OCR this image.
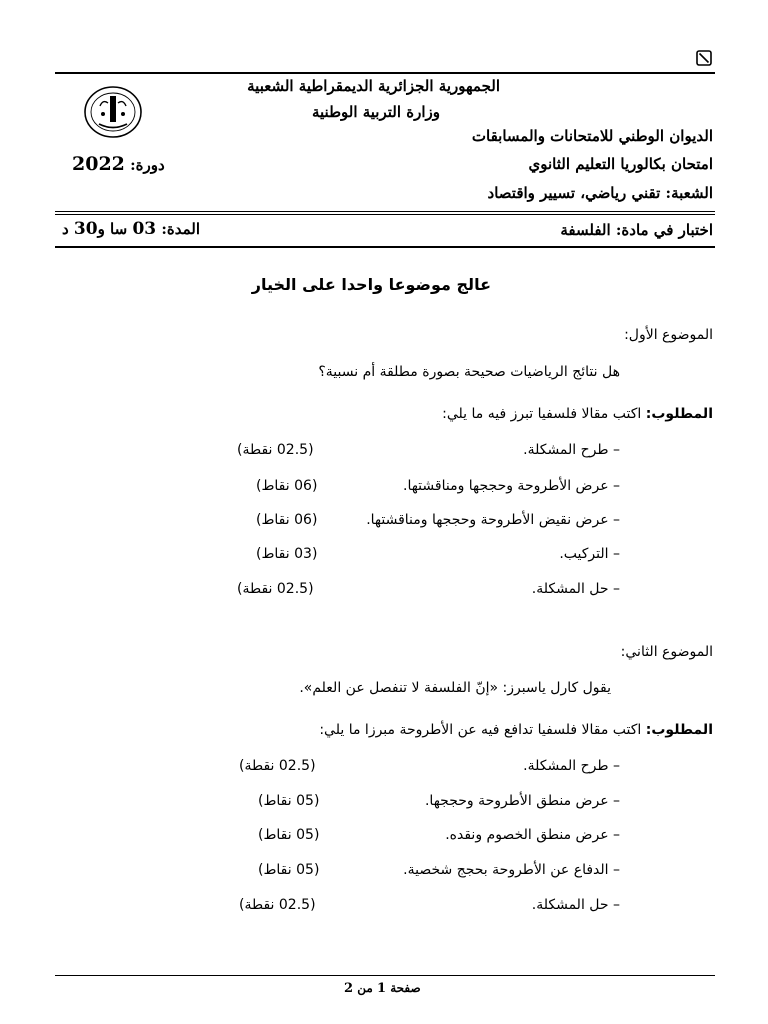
الجمهورية الجزائرية الديمقراطية الشعبية
وزارة التربية الوطنية
الديوان الوطني للامتحانات والمسابقات
امتحان بكالوريا التعليم الثانوي
الشعبة: تقني رياضي، تسيير واقتصاد
دورة: 2022
اختبار في مادة: الفلسفة
المدة: 03 سا و30 د
عالج موضوعا واحدا على الخيار
الموضوع الأول:
هل نتائج الرياضيات صحيحة بصورة مطلقة أم نسبية؟
المطلوب: اكتب مقالا فلسفيا تبرز فيه ما يلي:
– طرح المشكلة.
(02.5 نقطة)
– عرض الأطروحة وحججها ومناقشتها.
(06 نقاط)
– عرض نقيض الأطروحة وحججها ومناقشتها.
(06 نقاط)
– التركيب.
(03 نقاط)
– حل المشكلة.
(02.5 نقطة)
الموضوع الثاني:
يقول كارل ياسبرز: «إنّ الفلسفة لا تنفصل عن العلم».
المطلوب: اكتب مقالا فلسفيا تدافع فيه عن الأطروحة مبرزا ما يلي:
– طرح المشكلة.
(02.5 نقطة)
– عرض منطق الأطروحة وحججها.
(05 نقاط)
– عرض منطق الخصوم ونقده.
(05 نقاط)
– الدفاع عن الأطروحة بحجج شخصية.
(05 نقاط)
– حل المشكلة.
(02.5 نقطة)
صفحة 1 من 2
